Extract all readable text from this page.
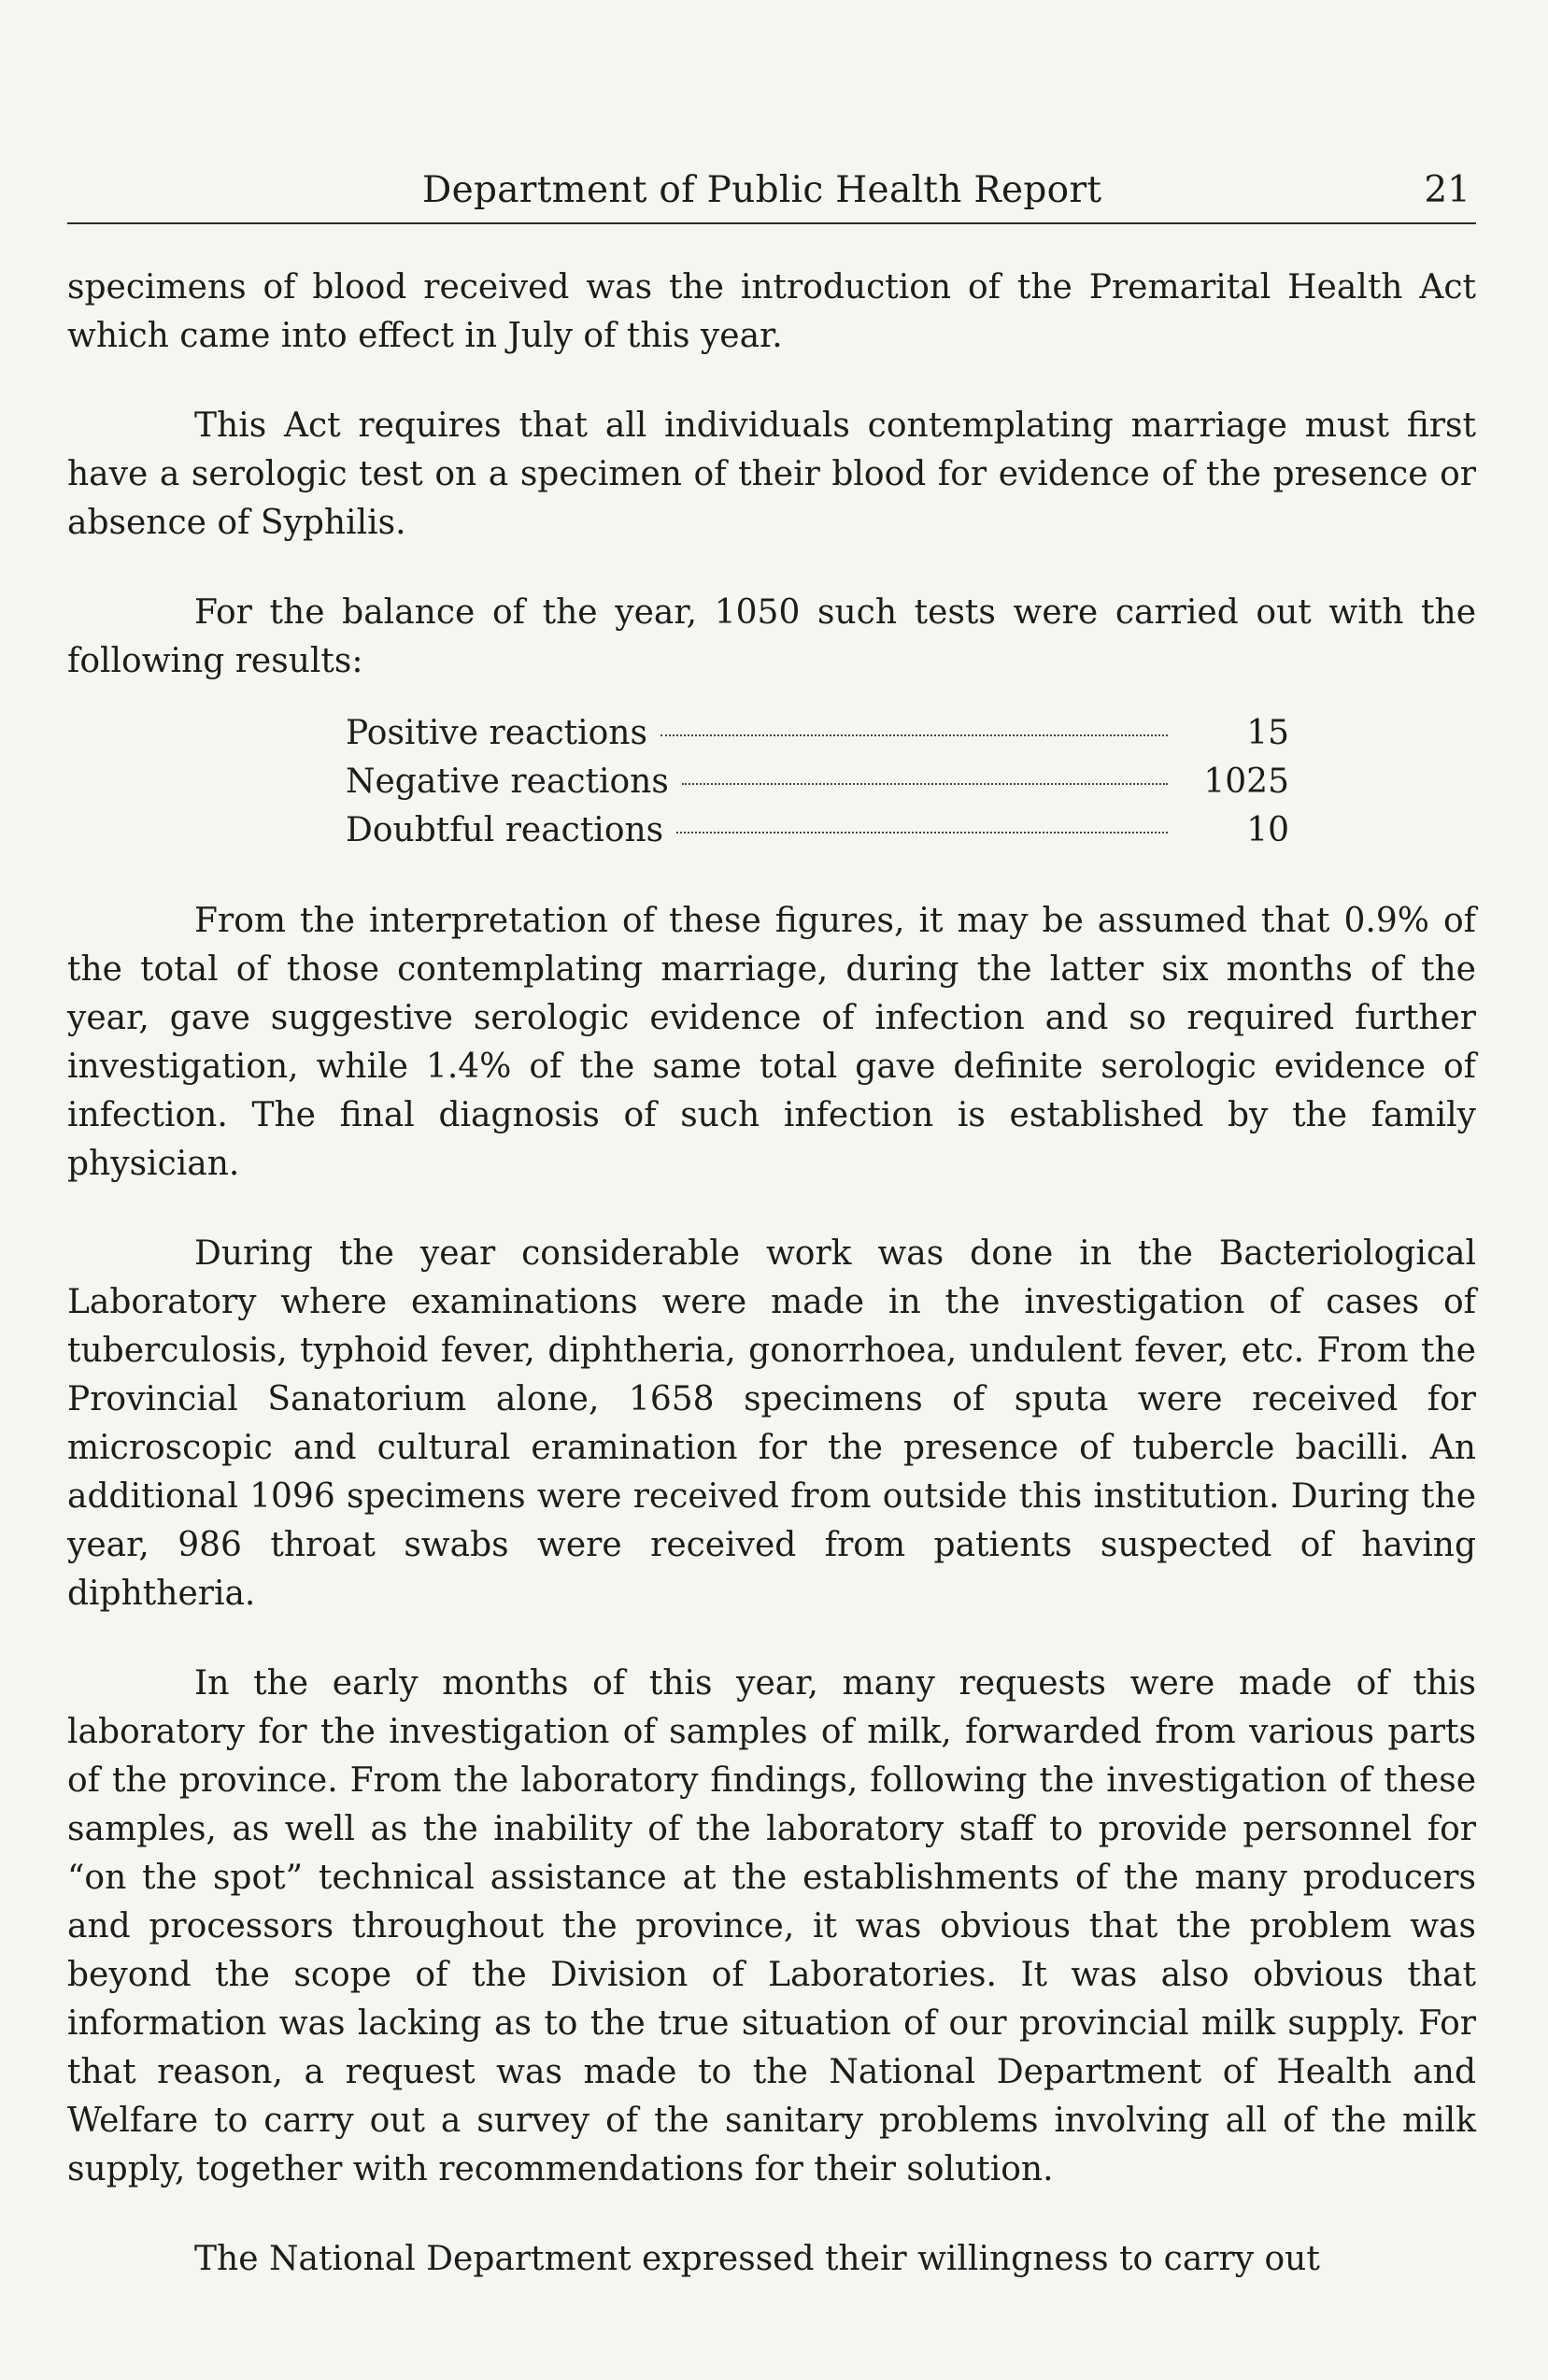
Department of Public Health Report	21

specimens of blood received was the introduction of the Premarital Health Act which came into effect in July of this year.

This Act requires that all individuals contemplating marriage must first have a serologic test on a specimen of their blood for evidence of the presence or absence of Syphilis.

For the balance of the year, 1050 such tests were carried out with the following results:

Positive reactions	15
Negative reactions	1025
Doubtful reactions	10

From the interpretation of these figures, it may be assumed that 0.9% of the total of those contemplating marriage, during the latter six months of the year, gave suggestive serologic evidence of infection and so required further investigation, while 1.4% of the same total gave definite serologic evidence of infection. The final diagnosis of such infection is established by the family physician.

During the year considerable work was done in the Bacteriological Laboratory where examinations were made in the investigation of cases of tuberculosis, typhoid fever, diphtheria, gonorrhoea, undulent fever, etc. From the Provincial Sanatorium alone, 1658 specimens of sputa were received for microscopic and cultural eramination for the presence of tubercle bacilli. An additional 1096 specimens were received from outside this institution. During the year, 986 throat swabs were received from patients suspected of having diphtheria.

In the early months of this year, many requests were made of this laboratory for the investigation of samples of milk, forwarded from various parts of the province. From the laboratory findings, following the investigation of these samples, as well as the inability of the laboratory staff to provide personnel for “on the spot” technical assistance at the establishments of the many producers and processors throughout the province, it was obvious that the problem was beyond the scope of the Division of Laboratories. It was also obvious that information was lacking as to the true situation of our provincial milk supply. For that reason, a request was made to the National Department of Health and Welfare to carry out a survey of the sanitary problems involving all of the milk supply, together with recommendations for their solution.

The National Department expressed their willingness to carry out
